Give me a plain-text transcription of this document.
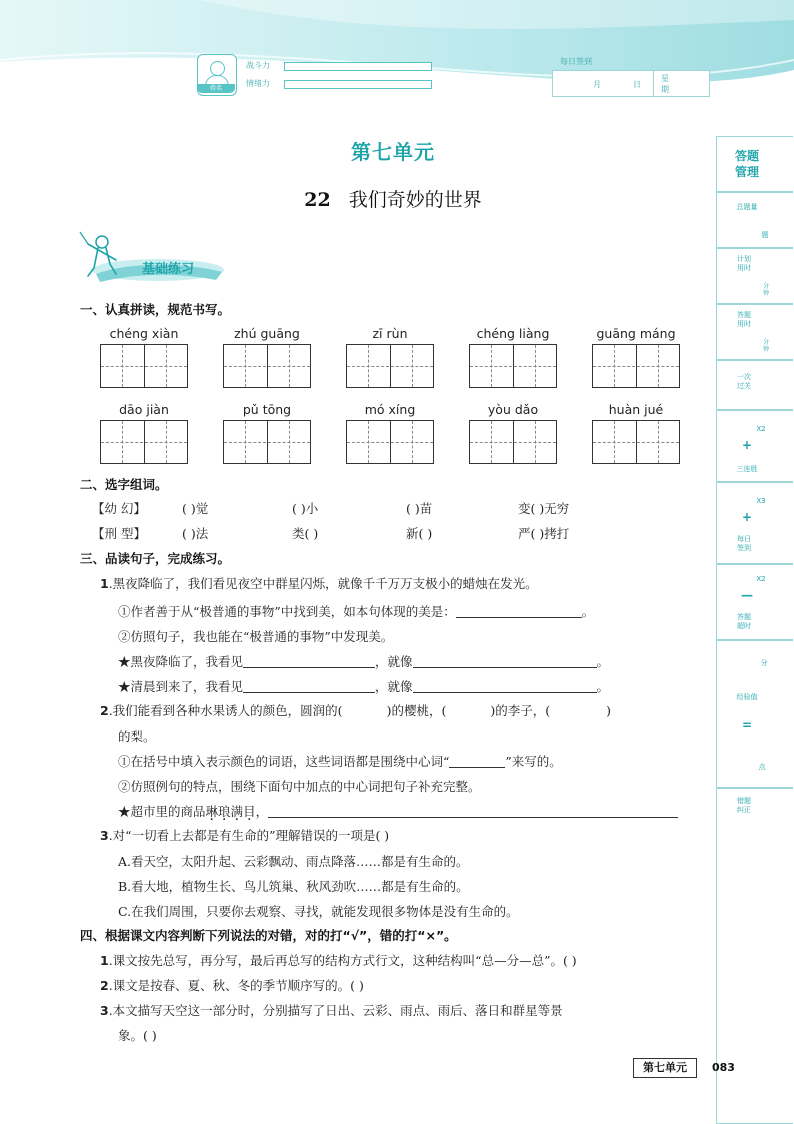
姓名
战斗力
情绪力
每日签到
月	日
星
期
第七单元
22 我们奇妙的世界
基础练习
一、认真拼读，规范书写。
chéng xiàn	zhú guāng	zī rùn	chéng liàng	guāng máng
dāo jiàn	pǔ tōng	mó xíng	yòu dǎo	huàn jué
二、选字组词。
【幼 幻】	( )觉	( )小	( )苗	变( )无穷
【刑 型】	( )法	类( )	新( )	严( )拷打
三、品读句子，完成练习。
1.黑夜降临了，我们看见夜空中群星闪烁，就像千千万万支极小的蜡烛在发光。
①作者善于从“极普通的事物”中找到美，如本句体现的美是：	。
②仿照句子，我也能在“极普通的事物”中发现美。
★黑夜降临了，我看见	，就像	。
★清晨到来了，我看见	，就像	。
2.我们能看到各种水果诱人的颜色，圆润的(	)的樱桃，(	)的李子，(	)
的梨。
①在括号中填入表示颜色的词语，这些词语都是围绕中心词“	”来写的。
②仿照例句的特点，围绕下面句中加点的中心词把句子补充完整。
★超市里的商品琳琅满目，
3.对“一切看上去都是有生命的”理解错误的一项是( )
A.看天空，太阳升起、云彩飘动、雨点降落……都是有生命的。
B.看大地，植物生长、鸟儿筑巢、秋风劲吹……都是有生命的。
C.在我们周围，只要你去观察、寻找，就能发现很多物体是没有生命的。
四、根据课文内容判断下列说法的对错，对的打“√”，错的打“×”。
1.课文按先总写，再分写，最后再总写的结构方式行文，这种结构叫“总—分—总”。( )
2.课文是按春、夏、秋、冬的季节顺序写的。( )
3.本文描写天空这一部分时，分别描写了日出、云彩、雨点、雨后、落日和群星等景
象。( )
答题
管理
总题量
题
计划
用时
分
钟
答题
用时
分
钟
一次
过关
X2
+
三连胜
X3
+
每日
签到
X2
—
答题
超时
分
经验值
=
点
错题
纠正
第七单元	083
